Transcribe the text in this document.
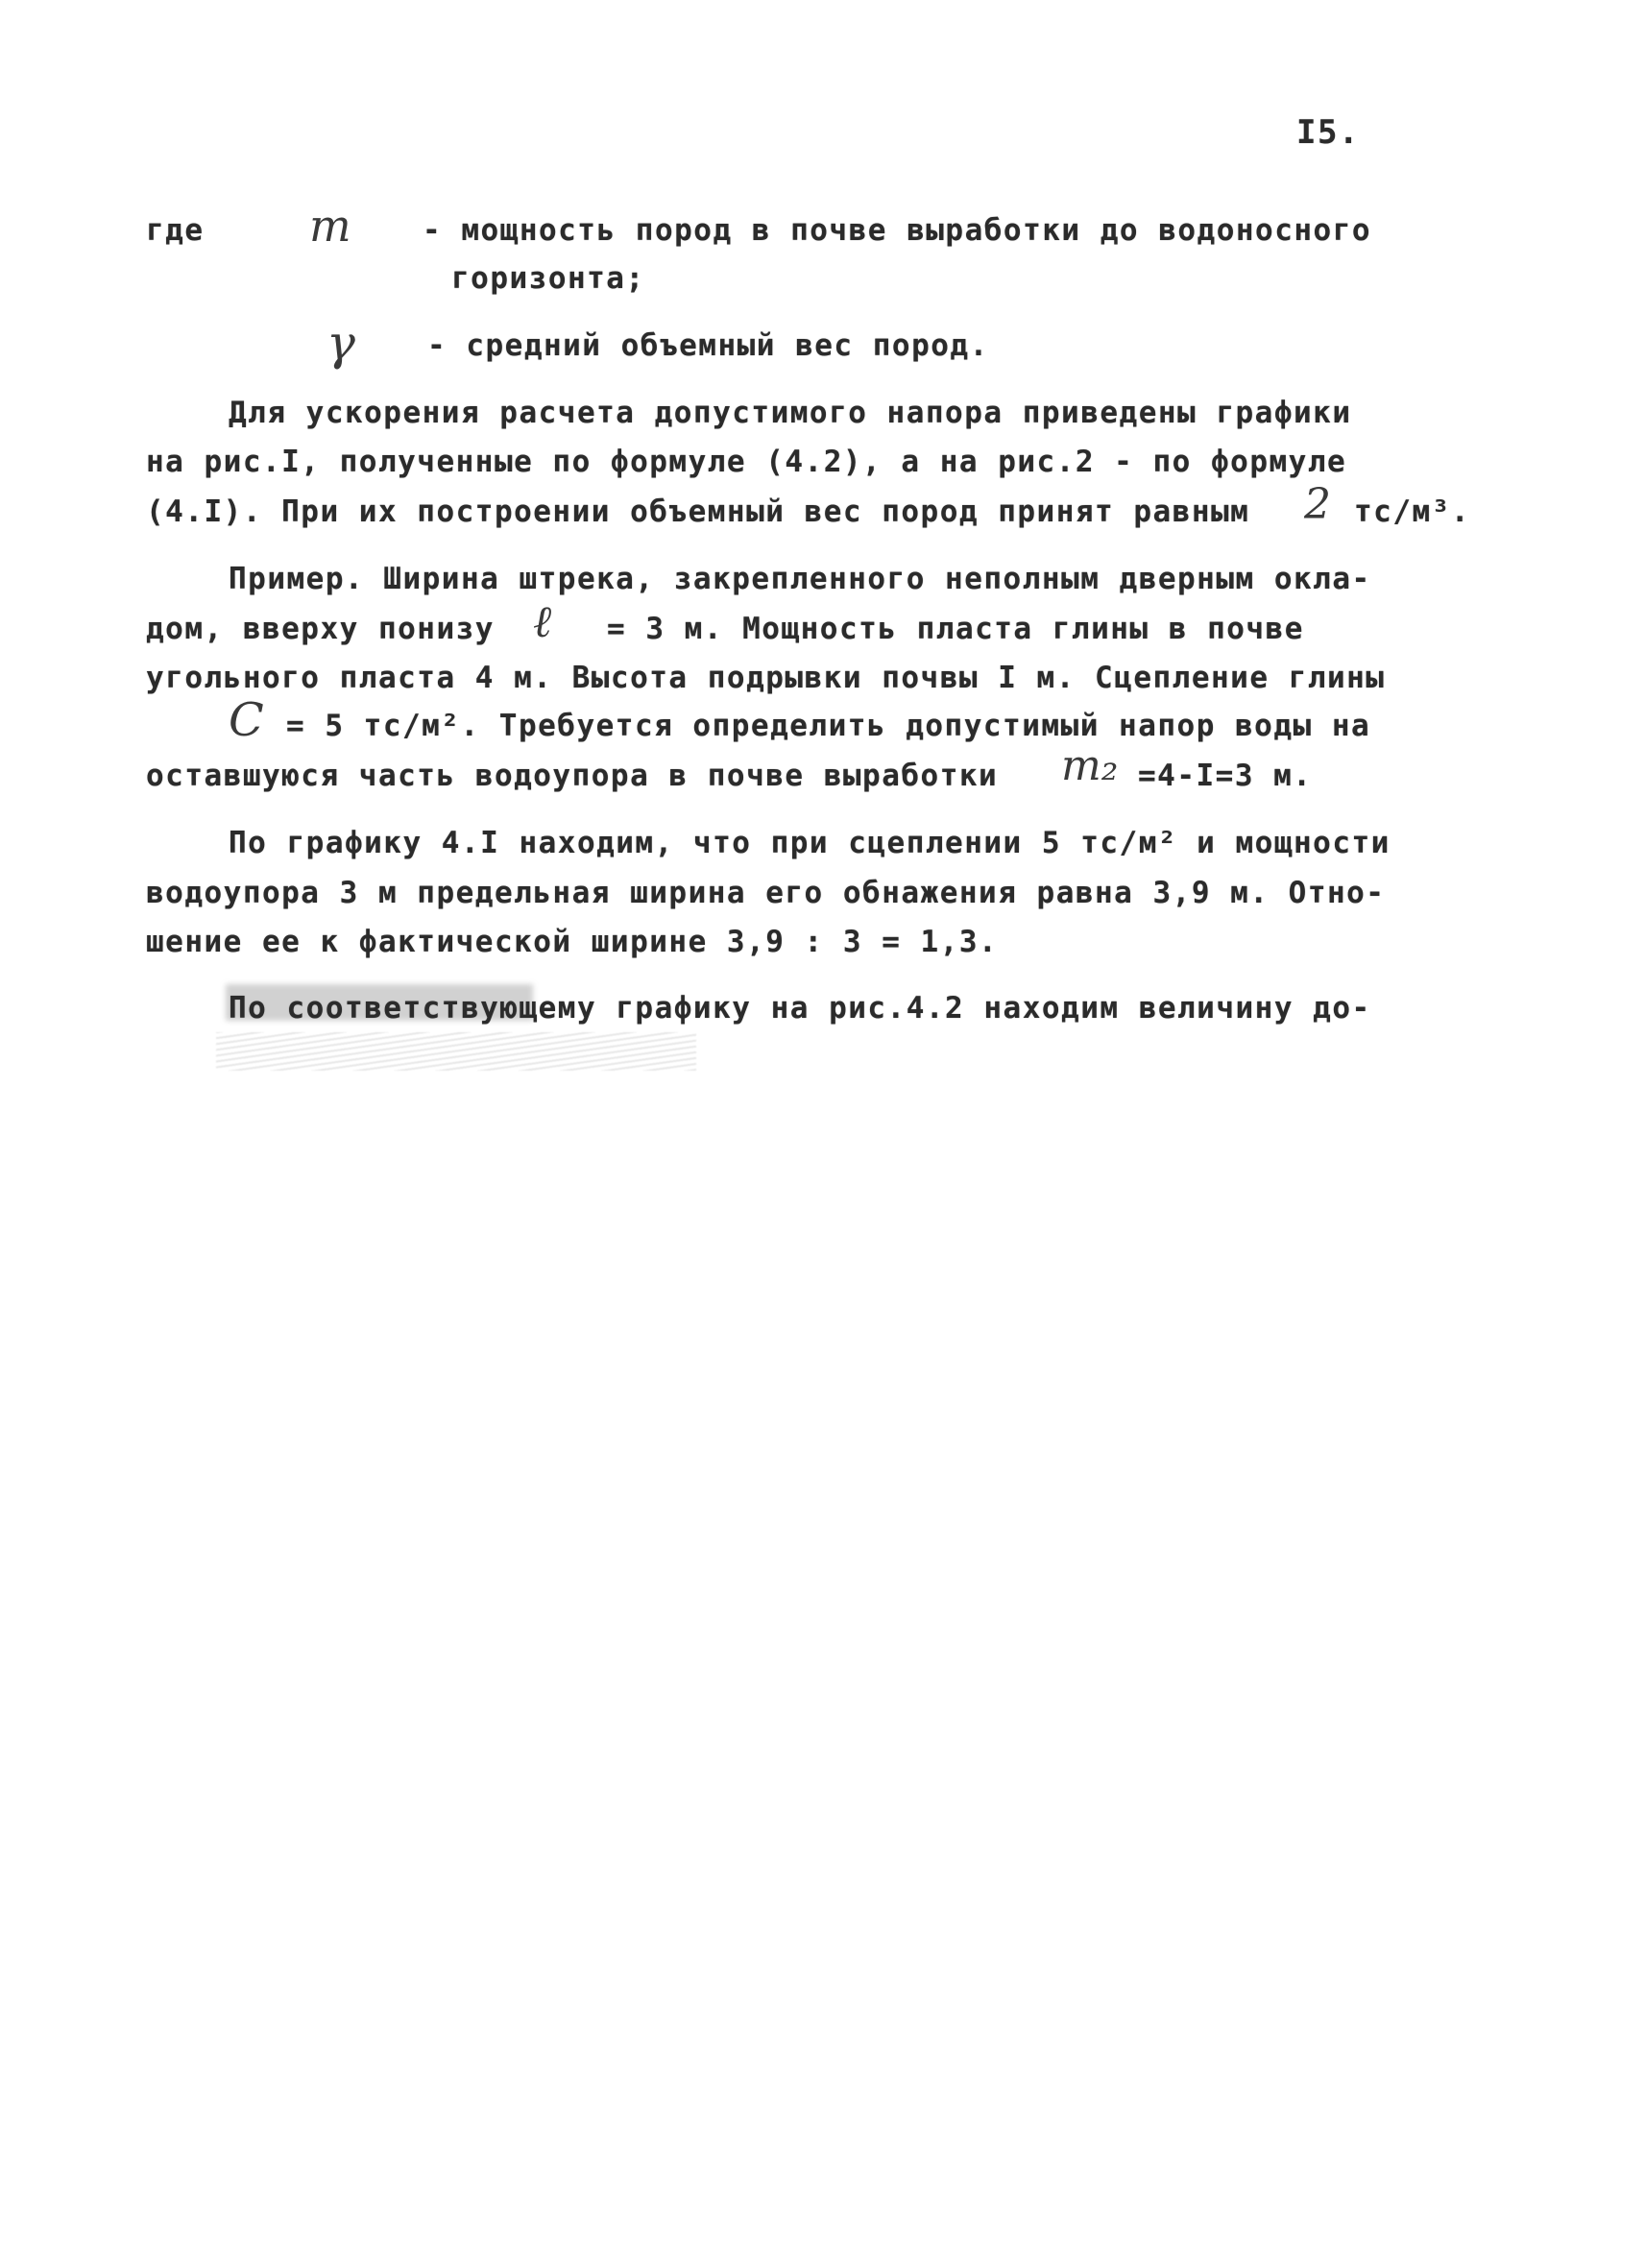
I5.
где m - мощность пород в почве выработки до водоносного
горизонта;
γ - средний объемный вес пород.
Для ускорения расчета допустимого напора приведены графики
на рис.I, полученные по формуле (4.2), а на рис.2 - по формуле
(4.I). При их построении объемный вес пород принят равным 2 тс/м³.
Пример. Ширина штрека, закрепленного неполным дверным окла-
дом, вверху понизу ℓ = 3 м. Мощность пласта глины в почве
угольного пласта 4 м. Высота подрывки почвы I м. Сцепление глины
C = 5 тс/м². Требуется определить допустимый напор воды на
оставшуюся часть водоупора в почве выработки m₂ =4-I=3 м.
По графику 4.I находим, что при сцеплении 5 тс/м² и мощности
водоупора 3 м предельная ширина его обнажения равна 3,9 м. Отно-
шение ее к фактической ширине 3,9 : 3 = 1,3.
По соответствующему графику на рис.4.2 находим величину до-
